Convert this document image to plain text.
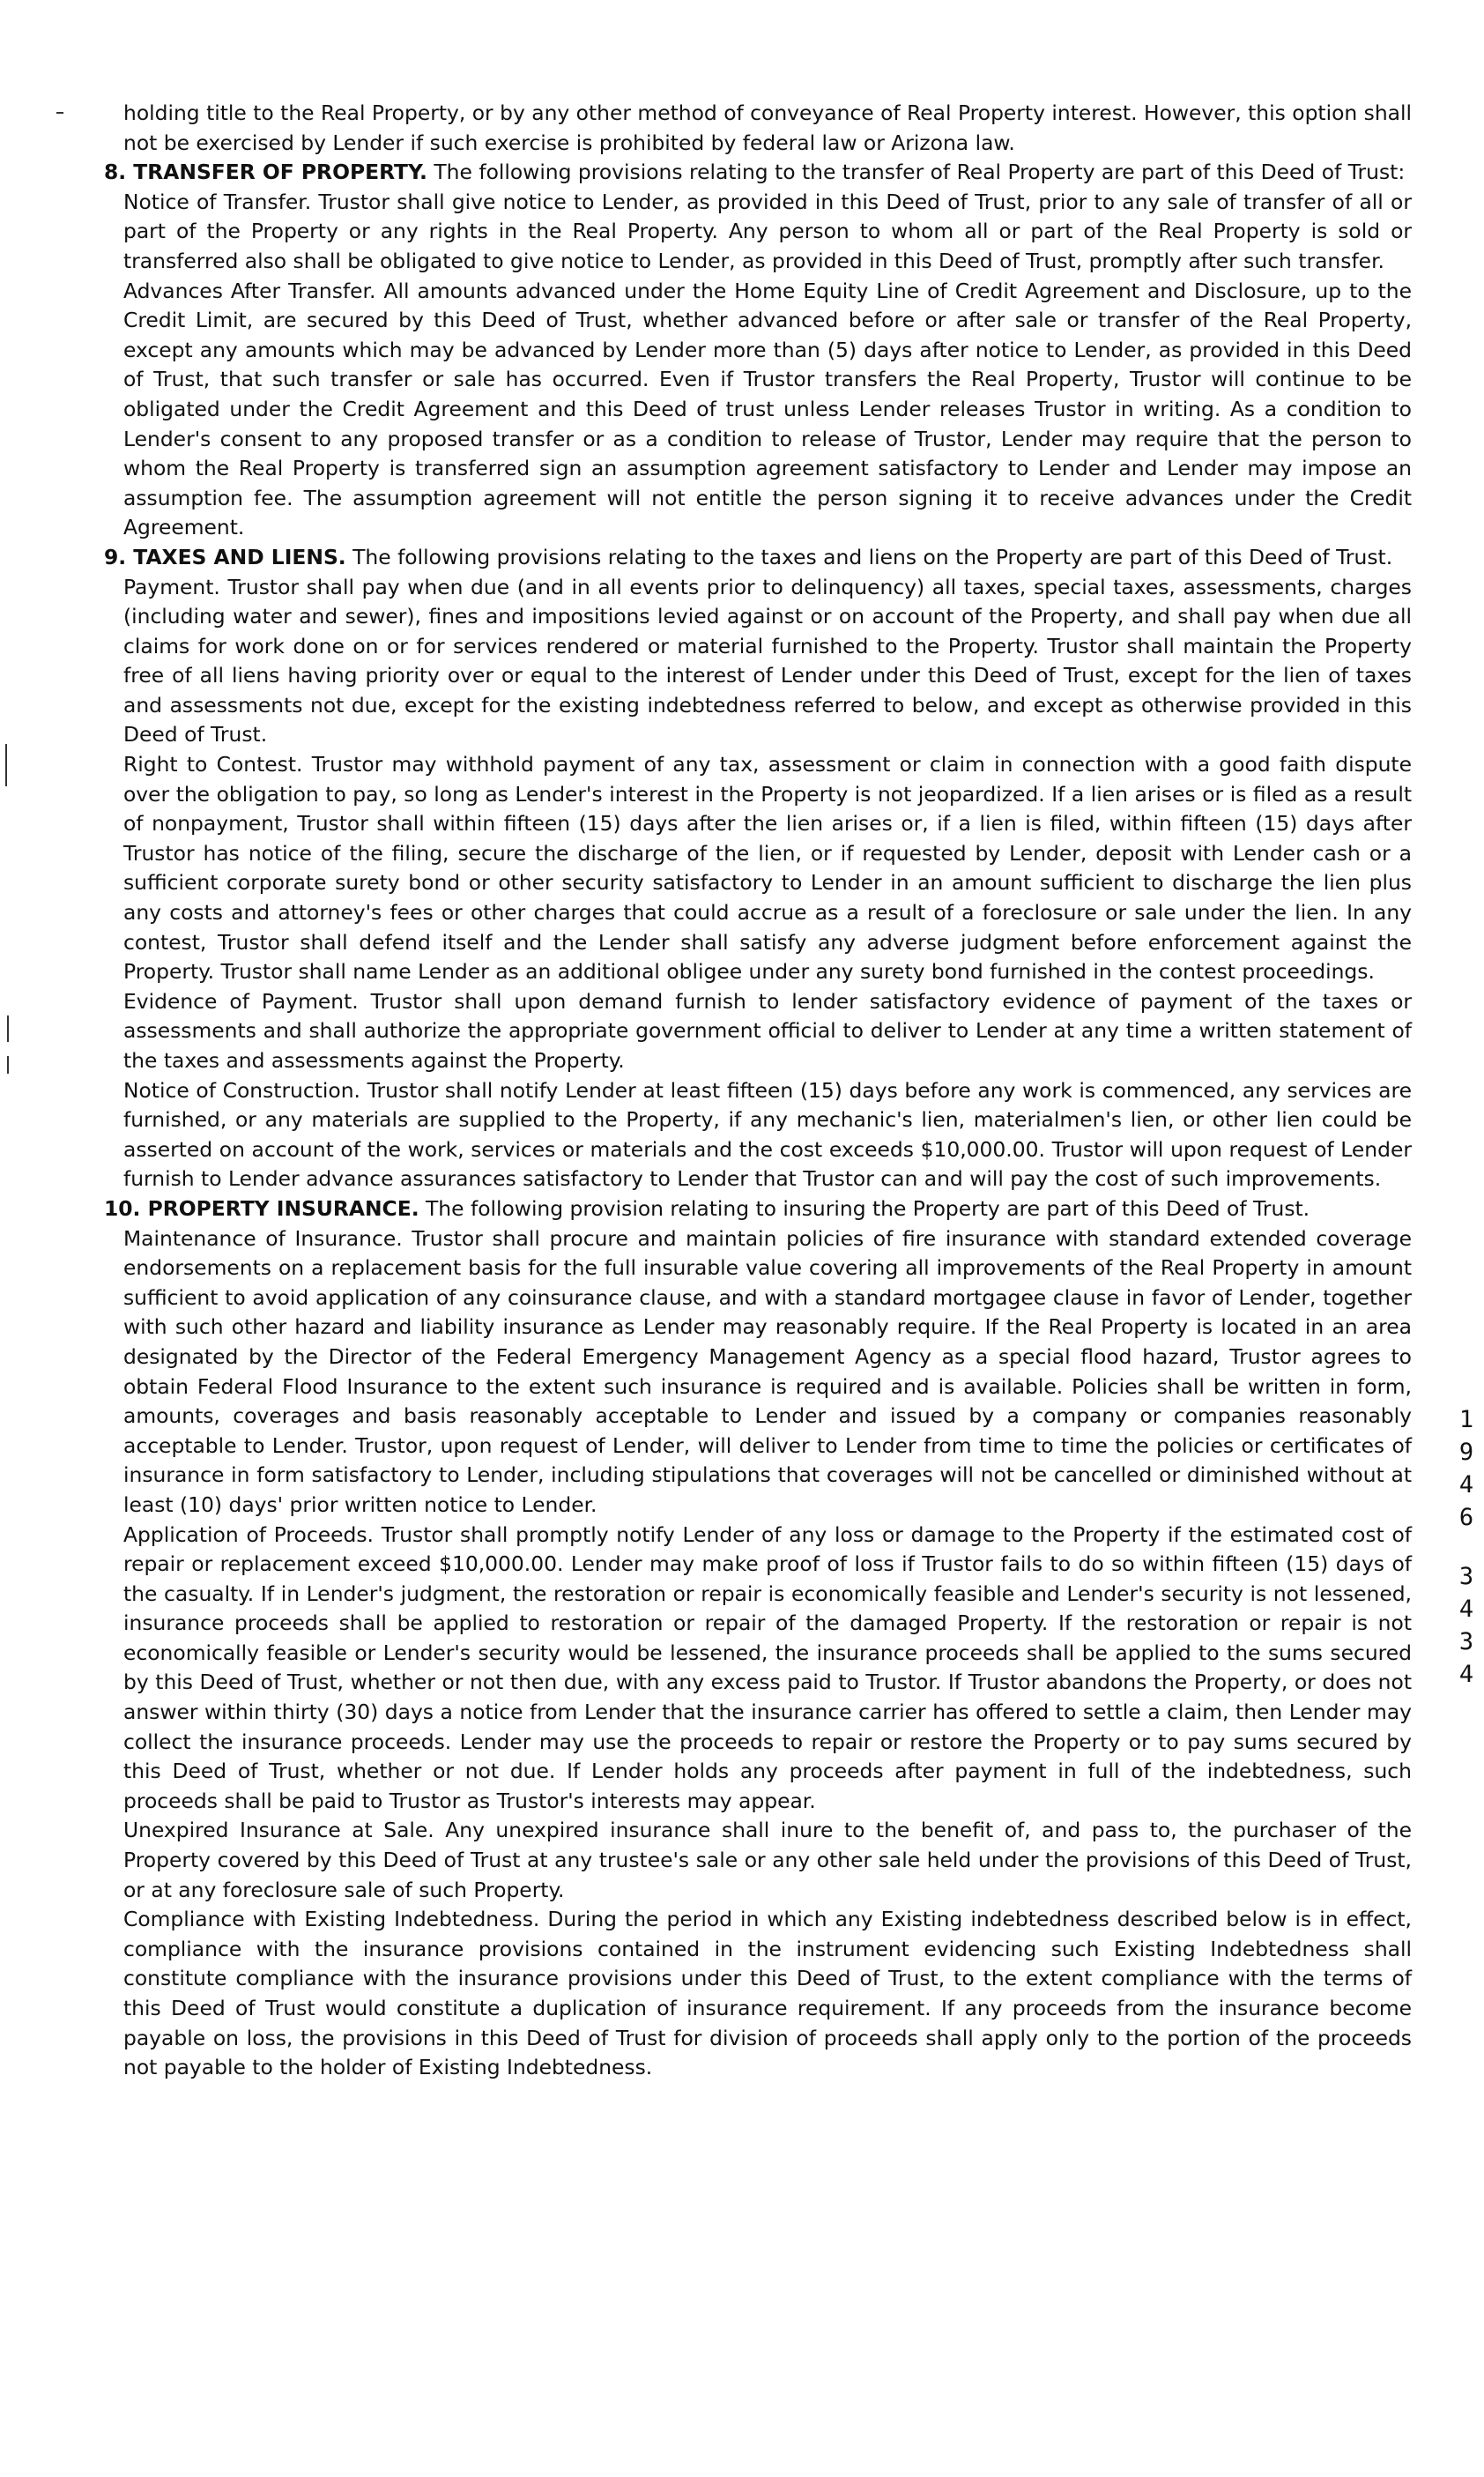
holding title to the Real Property, or by any other method of conveyance of Real Property interest. However, this option shall not be exercised by Lender if such exercise is prohibited by federal law or Arizona law.

8. TRANSFER OF PROPERTY. The following provisions relating to the transfer of Real Property are part of this Deed of Trust:

Notice of Transfer. Trustor shall give notice to Lender, as provided in this Deed of Trust, prior to any sale of transfer of all or part of the Property or any rights in the Real Property. Any person to whom all or part of the Real Property is sold or transferred also shall be obligated to give notice to Lender, as provided in this Deed of Trust, promptly after such transfer.

Advances After Transfer. All amounts advanced under the Home Equity Line of Credit Agreement and Disclosure, up to the Credit Limit, are secured by this Deed of Trust, whether advanced before or after sale or transfer of the Real Property, except any amounts which may be advanced by Lender more than (5) days after notice to Lender, as provided in this Deed of Trust, that such transfer or sale has occurred. Even if Trustor transfers the Real Property, Trustor will continue to be obligated under the Credit Agreement and this Deed of trust unless Lender releases Trustor in writing. As a condition to Lender's consent to any proposed transfer or as a condition to release of Trustor, Lender may require that the person to whom the Real Property is transferred sign an assumption agreement satisfactory to Lender and Lender may impose an assumption fee. The assumption agreement will not entitle the person signing it to receive advances under the Credit Agreement.

9. TAXES AND LIENS. The following provisions relating to the taxes and liens on the Property are part of this Deed of Trust.

Payment. Trustor shall pay when due (and in all events prior to delinquency) all taxes, special taxes, assessments, charges (including water and sewer), fines and impositions levied against or on account of the Property, and shall pay when due all claims for work done on or for services rendered or material furnished to the Property. Trustor shall maintain the Property free of all liens having priority over or equal to the interest of Lender under this Deed of Trust, except for the lien of taxes and assessments not due, except for the existing indebtedness referred to below, and except as otherwise provided in this Deed of Trust.

Right to Contest. Trustor may withhold payment of any tax, assessment or claim in connection with a good faith dispute over the obligation to pay, so long as Lender's interest in the Property is not jeopardized. If a lien arises or is filed as a result of nonpayment, Trustor shall within fifteen (15) days after the lien arises or, if a lien is filed, within fifteen (15) days after Trustor has notice of the filing, secure the discharge of the lien, or if requested by Lender, deposit with Lender cash or a sufficient corporate surety bond or other security satisfactory to Lender in an amount sufficient to discharge the lien plus any costs and attorney's fees or other charges that could accrue as a result of a foreclosure or sale under the lien. In any contest, Trustor shall defend itself and the Lender shall satisfy any adverse judgment before enforcement against the Property. Trustor shall name Lender as an additional obligee under any surety bond furnished in the contest proceedings.

Evidence of Payment. Trustor shall upon demand furnish to lender satisfactory evidence of payment of the taxes or assessments and shall authorize the appropriate government official to deliver to Lender at any time a written statement of the taxes and assessments against the Property.

Notice of Construction. Trustor shall notify Lender at least fifteen (15) days before any work is commenced, any services are furnished, or any materials are supplied to the Property, if any mechanic's lien, materialmen's lien, or other lien could be asserted on account of the work, services or materials and the cost exceeds $10,000.00. Trustor will upon request of Lender furnish to Lender advance assurances satisfactory to Lender that Trustor can and will pay the cost of such improvements.

10. PROPERTY INSURANCE. The following provision relating to insuring the Property are part of this Deed of Trust.

Maintenance of Insurance. Trustor shall procure and maintain policies of fire insurance with standard extended coverage endorsements on a replacement basis for the full insurable value covering all improvements of the Real Property in amount sufficient to avoid application of any coinsurance clause, and with a standard mortgagee clause in favor of Lender, together with such other hazard and liability insurance as Lender may reasonably require. If the Real Property is located in an area designated by the Director of the Federal Emergency Management Agency as a special flood hazard, Trustor agrees to obtain Federal Flood Insurance to the extent such insurance is required and is available. Policies shall be written in form, amounts, coverages and basis reasonably acceptable to Lender and issued by a company or companies reasonably acceptable to Lender. Trustor, upon request of Lender, will deliver to Lender from time to time the policies or certificates of insurance in form satisfactory to Lender, including stipulations that coverages will not be cancelled or diminished without at least (10) days' prior written notice to Lender.

Application of Proceeds. Trustor shall promptly notify Lender of any loss or damage to the Property if the estimated cost of repair or replacement exceed $10,000.00. Lender may make proof of loss if Trustor fails to do so within fifteen (15) days of the casualty. If in Lender's judgment, the restoration or repair is economically feasible and Lender's security is not lessened, insurance proceeds shall be applied to restoration or repair of the damaged Property. If the restoration or repair is not economically feasible or Lender's security would be lessened, the insurance proceeds shall be applied to the sums secured by this Deed of Trust, whether or not then due, with any excess paid to Trustor. If Trustor abandons the Property, or does not answer within thirty (30) days a notice from Lender that the insurance carrier has offered to settle a claim, then Lender may collect the insurance proceeds. Lender may use the proceeds to repair or restore the Property or to pay sums secured by this Deed of Trust, whether or not due. If Lender holds any proceeds after payment in full of the indebtedness, such proceeds shall be paid to Trustor as Trustor's interests may appear.

Unexpired Insurance at Sale. Any unexpired insurance shall inure to the benefit of, and pass to, the purchaser of the Property covered by this Deed of Trust at any trustee's sale or any other sale held under the provisions of this Deed of Trust, or at any foreclosure sale of such Property.

Compliance with Existing Indebtedness. During the period in which any Existing indebtedness described below is in effect, compliance with the insurance provisions contained in the instrument evidencing such Existing Indebtedness shall constitute compliance with the insurance provisions under this Deed of Trust, to the extent compliance with the terms of this Deed of Trust would constitute a duplication of insurance requirement. If any proceeds from the insurance become payable on loss, the provisions in this Deed of Trust for division of proceeds shall apply only to the portion of the proceeds not payable to the holder of Existing Indebtedness.

1
9
4
6
3
4
3
4
